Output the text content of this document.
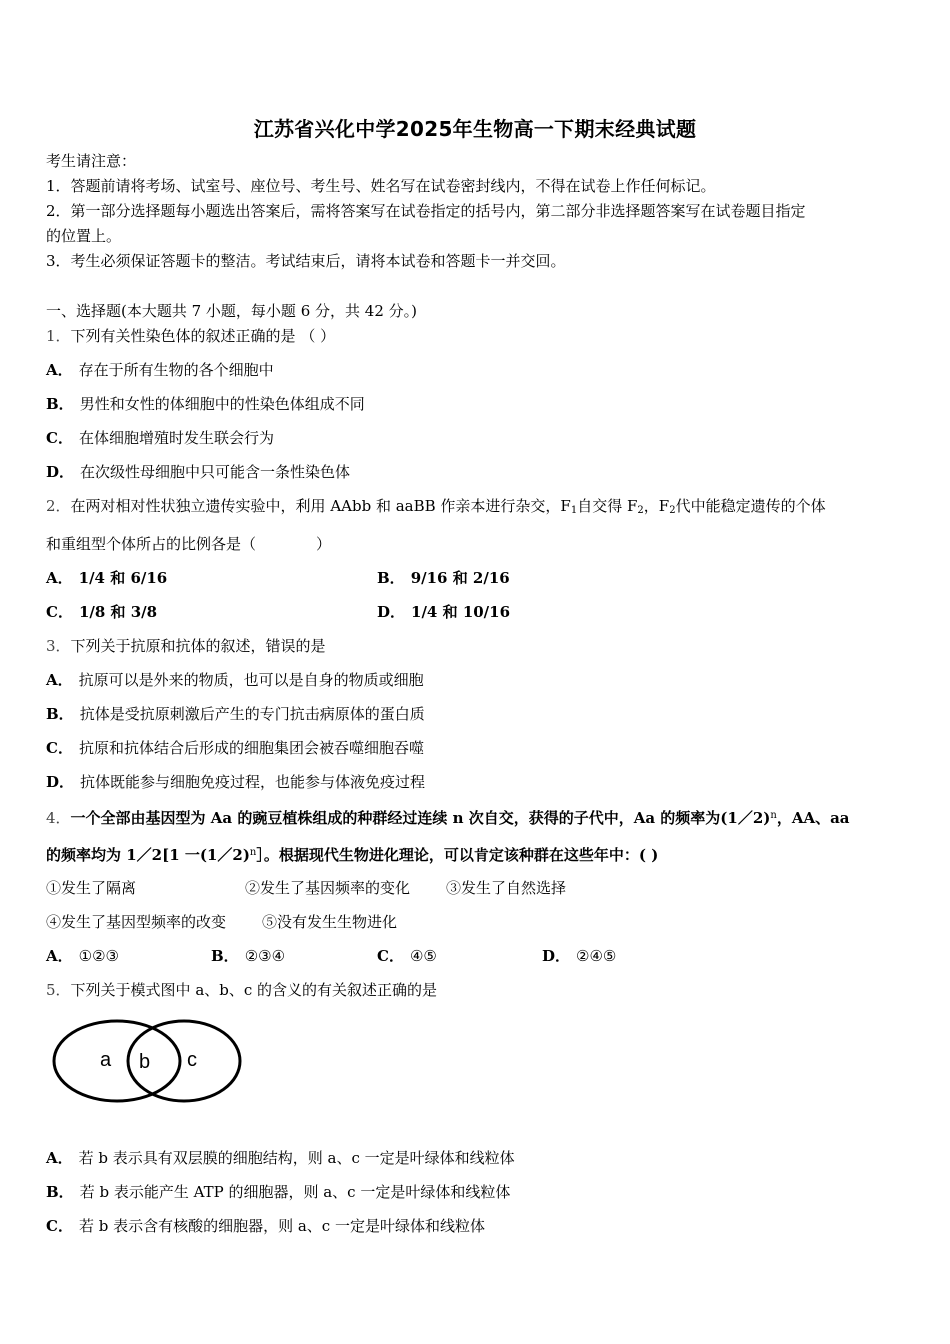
江苏省兴化中学2025年生物高一下期末经典试题
考生请注意：
1．答题前请将考场、试室号、座位号、考生号、姓名写在试卷密封线内，不得在试卷上作任何标记。
2．第一部分选择题每小题选出答案后，需将答案写在试卷指定的括号内，第二部分非选择题答案写在试卷题目指定
的位置上。
3．考生必须保证答题卡的整洁。考试结束后，请将本试卷和答题卡一并交回。
一、选择题(本大题共 7 小题，每小题 6 分，共 42 分。)
1．下列有关性染色体的叙述正确的是 （ ）
A． 存在于所有生物的各个细胞中
B． 男性和女性的体细胞中的性染色体组成不同
C． 在体细胞增殖时发生联会行为
D． 在次级性母细胞中只可能含一条性染色体
2．在两对相对性状独立遗传实验中，利用 AAbb 和 aaBB 作亲本进行杂交，$F_1$自交得 $F_2$，$F_2$代中能稳定遗传的个体
和重组型个体所占的比例各是（　　　　）
A． 1/4 和 6/16	B． 9/16 和 2/16
C． 1/8 和 3/8	D． 1/4 和 10/16
3．下列关于抗原和抗体的叙述，错误的是
A． 抗原可以是外来的物质，也可以是自身的物质或细胞
B． 抗体是受抗原刺激后产生的专门抗击病原体的蛋白质
C． 抗原和抗体结合后形成的细胞集团会被吞噬细胞吞噬
D． 抗体既能参与细胞免疫过程，也能参与体液免疫过程
4．一个全部由基因型为 Aa 的豌豆植株组成的种群经过连续 n 次自交，获得的子代中，Aa 的频率为(1／2)$^n$，AA、aa
的频率均为 1／2[1 一(1／2)$^n$］。根据现代生物进化理论，可以肯定该种群在这些年中：( )
①发生了隔离	②发生了基因频率的变化 ③发生了自然选择
④发生了基因型频率的改变 ⑤没有发生生物进化
A． ①②③	B． ②③④	C． ④⑤	D． ②④⑤
5．下列关于模式图中 a、b、c 的含义的有关叙述正确的是
a b c
A． 若 b 表示具有双层膜的细胞结构，则 a、c 一定是叶绿体和线粒体
B． 若 b 表示能产生 ATP 的细胞器，则 a、c 一定是叶绿体和线粒体
C． 若 b 表示含有核酸的细胞器，则 a、c 一定是叶绿体和线粒体
